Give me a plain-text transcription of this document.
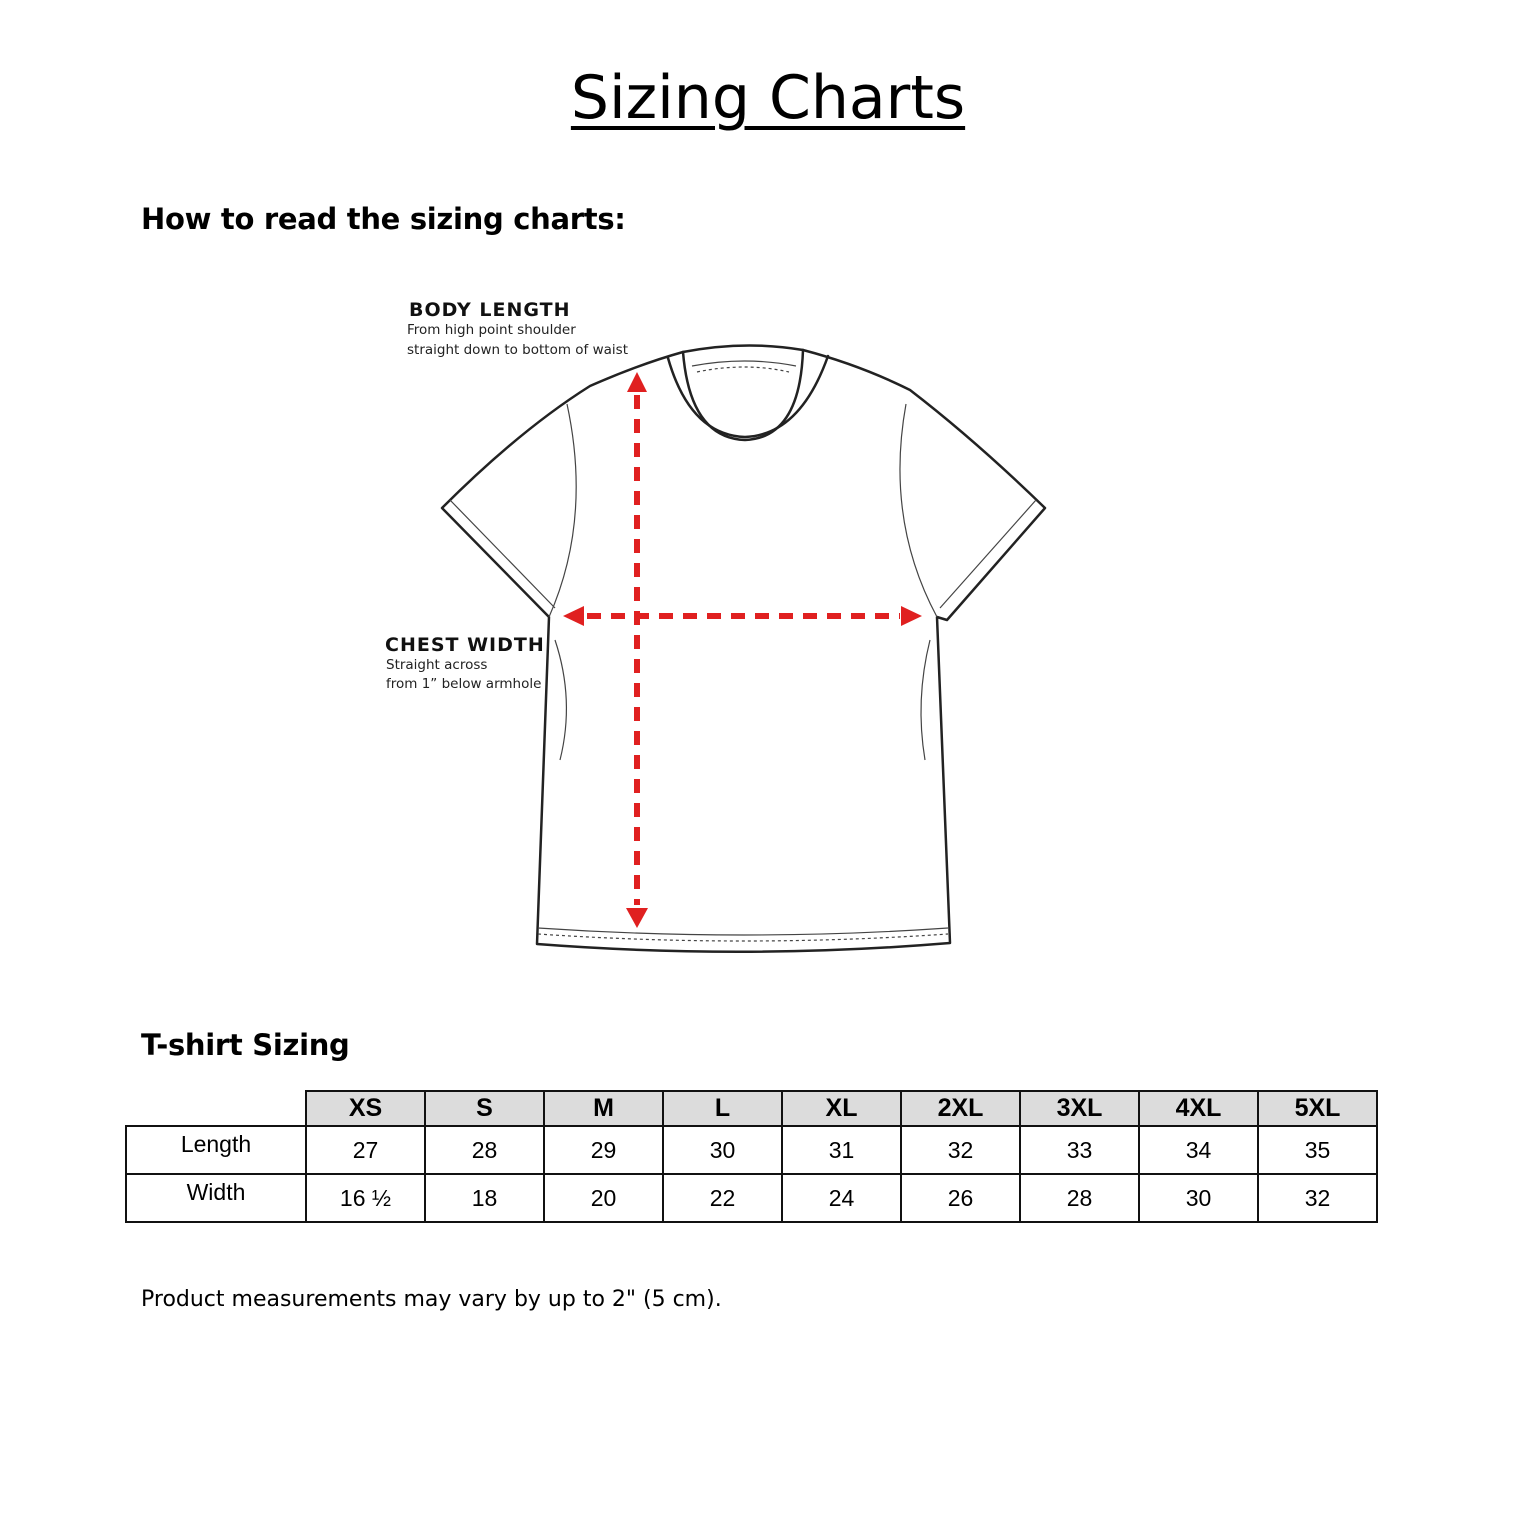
Sizing Charts
How to read the sizing charts:
BODY LENGTH
From high point shoulder
straight down to bottom of waist
CHEST WIDTH
Straight across
from 1” below armhole
T-shirt Sizing
	XS	S	M	L	XL	2XL	3XL	4XL	5XL
Length	27	28	29	30	31	32	33	34	35
Width	16 ½	18	20	22	24	26	28	30	32

Product measurements may vary by up to 2" (5 cm).
